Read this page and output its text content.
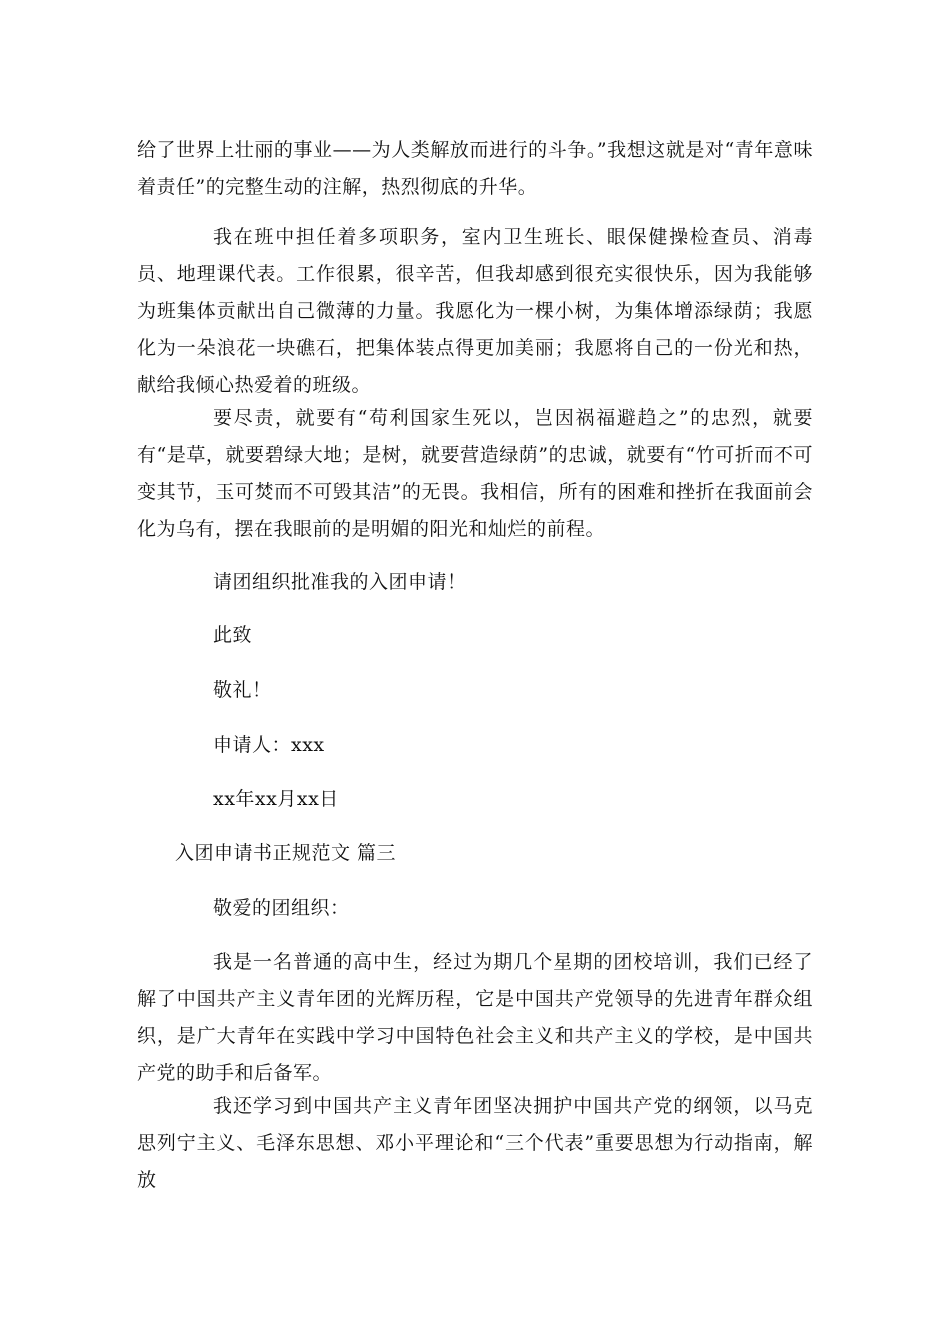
给了世界上壮丽的事业——为人类解放而进行的斗争。”我想这就是对“青年意味着责任”的完整生动的注解，热烈彻底的升华。

我在班中担任着多项职务，室内卫生班长、眼保健操检查员、消毒员、地理课代表。工作很累，很辛苦，但我却感到很充实很快乐，因为我能够为班集体贡献出自己微薄的力量。我愿化为一棵小树，为集体增添绿荫；我愿化为一朵浪花一块礁石，把集体装点得更加美丽；我愿将自己的一份光和热，献给我倾心热爱着的班级。

要尽责，就要有“苟利国家生死以，岂因祸福避趋之”的忠烈，就要有“是草，就要碧绿大地；是树，就要营造绿荫”的忠诚，就要有“竹可折而不可变其节，玉可焚而不可毁其洁”的无畏。我相信，所有的困难和挫折在我面前会化为乌有，摆在我眼前的是明媚的阳光和灿烂的前程。

请团组织批准我的入团申请！

此致

敬礼！

申请人：xxx

xx年xx月xx日

入团申请书正规范文 篇三

敬爱的团组织：

我是一名普通的高中生，经过为期几个星期的团校培训，我们已经了解了中国共产主义青年团的光辉历程，它是中国共产党领导的先进青年群众组织，是广大青年在实践中学习中国特色社会主义和共产主义的学校，是中国共产党的助手和后备军。

我还学习到中国共产主义青年团坚决拥护中国共产党的纲领，以马克思列宁主义、毛泽东思想、邓小平理论和“三个代表”重要思想为行动指南，解放
